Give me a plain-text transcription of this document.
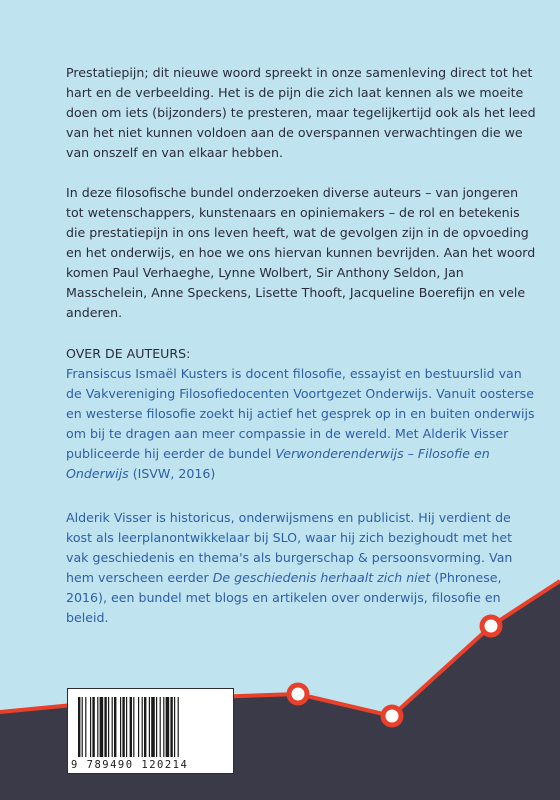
Prestatiepijn; dit nieuwe woord spreekt in onze samenleving direct tot het hart en de verbeelding. Het is de pijn die zich laat kennen als we moeite doen om iets (bijzonders) te presteren, maar tegelijkertijd ook als het leed van het niet kunnen voldoen aan de overspannen verwachtingen die we van onszelf en van elkaar hebben.
In deze filosofische bundel onderzoeken diverse auteurs – van jongeren tot wetenschappers, kunstenaars en opiniemakers – de rol en betekenis die prestatiepijn in ons leven heeft, wat de gevolgen zijn in de opvoeding en het onderwijs, en hoe we ons hiervan kunnen bevrijden. Aan het woord komen Paul Verhaeghe, Lynne Wolbert, Sir Anthony Seldon, Jan Masschelein, Anne Speckens, Lisette Thooft, Jacqueline Boerefijn en vele anderen.
OVER DE AUTEURS:
Fransiscus Ismaël Kusters is docent filosofie, essayist en bestuurslid van de Vakvereniging Filosofiedocenten Voortgezet Onderwijs. Vanuit oosterse en westerse filosofie zoekt hij actief het gesprek op in en buiten onderwijs om bij te dragen aan meer compassie in de wereld. Met Alderik Visser publiceerde hij eerder de bundel Verwonderenderwijs – Filosofie en Onderwijs (ISVW, 2016)
Alderik Visser is historicus, onderwijsmens en publicist. Hij verdient de kost als leerplanontwikkelaar bij SLO, waar hij zich bezighoudt met het vak geschiedenis en thema's als burgerschap & persoonsvorming. Van hem verscheen eerder De geschiedenis herhaalt zich niet (Phronese, 2016), een bundel met blogs en artikelen over onderwijs, filosofie en beleid.
9 789490 120214
